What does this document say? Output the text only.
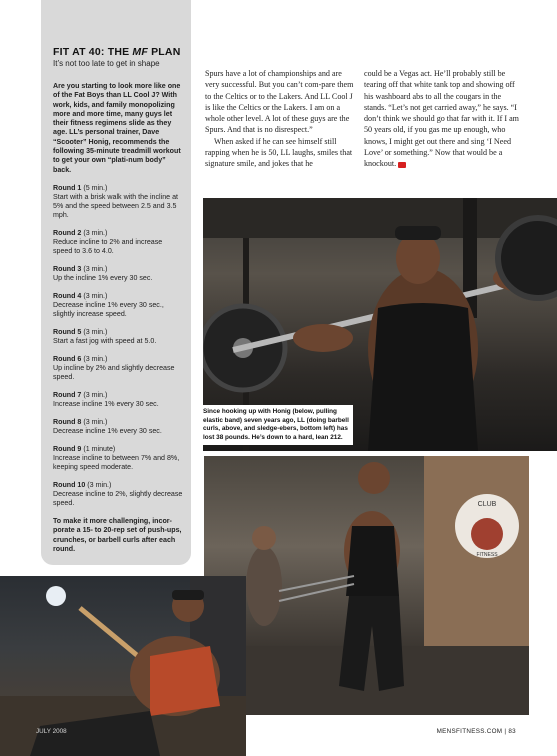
FIT AT 40: THE MF PLAN
It’s not too late to get in shape
Are you starting to look more like one of the Fat Boys than LL Cool J? With work, kids, and family monopolizing more and more time, many guys let their fitness regimens slide as they age. LL’s personal trainer, Dave “Scooter” Honig, recommends the following 35-minute treadmill workout to get your own “plati-num body” back.
Round 1 (5 min.)
Start with a brisk walk with the incline at 5% and the speed between 2.5 and 3.5 mph.
Round 2 (3 min.)
Reduce incline to 2% and increase speed to 3.6 to 4.0.
Round 3 (3 min.)
Up the incline 1% every 30 sec.
Round 4 (3 min.)
Decrease incline 1% every 30 sec., slightly increase speed.
Round 5 (3 min.)
Start a fast jog with speed at 5.0.
Round 6 (3 min.)
Up incline by 2% and slightly decrease speed.
Round 7 (3 min.)
Increase incline 1% every 30 sec.
Round 8 (3 min.)
Decrease incline 1% every 30 sec.
Round 9 (1 minute)
Increase incline to between 7% and 8%, keeping speed moderate.
Round 10 (3 min.)
Decrease incline to 2%, slightly decrease speed.
To make it more challenging, incor-porate a 15- to 20-rep set of push-ups, crunches, or barbell curls after each round.

Spurs have a lot of championships and are very successful. But you can’t com-pare them to the Celtics or to the Lakers. And LL Cool J is like the Celtics or the Lakers. I am on a whole other level. A lot of these guys are the Spurs. And that is no disrespect.”

When asked if he can see himself still rapping when he is 50, LL laughs, smiles that signature smile, and jokes that he

could be a Vegas act. He’ll probably still be tearing off that white tank top and showing off his washboard abs to all the cougars in the stands. “Let’s not get carried away,” he says. “I don’t think we should go that far with it. If I am 50 years old, if you gas me up enough, who knows, I might get out there and sing ‘I Need Love’ or something.” Now that would be a knockout.

Since hooking up with Honig (below, pulling elastic band) seven years ago, LL (doing barbell curls, above, and sledge-ebers, bottom left) has lost 38 pounds. He’s down to a hard, lean 212.
CLUB
FITNESS
JULY 2008	MENSFITNESS.COM | 83
